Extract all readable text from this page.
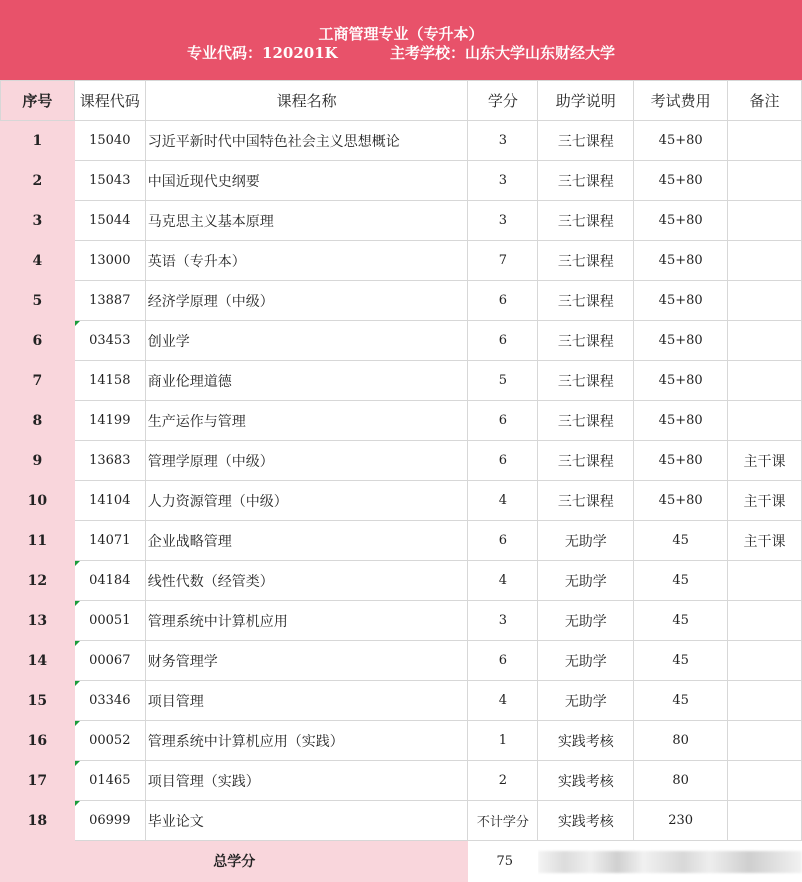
工商管理专业（专升本）
专业代码：120201K	主考学校：山东大学山东财经大学
序号	课程代码	课程名称	学分	助学说明	考试费用	备注
1	15040	习近平新时代中国特色社会主义思想概论	3	三七课程	45+80	
2	15043	中国近现代史纲要	3	三七课程	45+80	
3	15044	马克思主义基本原理	3	三七课程	45+80	
4	13000	英语（专升本）	7	三七课程	45+80	
5	13887	经济学原理（中级）	6	三七课程	45+80	
6	03453	创业学	6	三七课程	45+80	
7	14158	商业伦理道德	5	三七课程	45+80	
8	14199	生产运作与管理	6	三七课程	45+80	
9	13683	管理学原理（中级）	6	三七课程	45+80	主干课
10	14104	人力资源管理（中级）	4	三七课程	45+80	主干课
11	14071	企业战略管理	6	无助学	45	主干课
12	04184	线性代数（经管类）	4	无助学	45	
13	00051	管理系统中计算机应用	3	无助学	45	
14	00067	财务管理学	6	无助学	45	
15	03346	项目管理	4	无助学	45	
16	00052	管理系统中计算机应用（实践）	1	实践考核	80	
17	01465	项目管理（实践）	2	实践考核	80	
18	06999	毕业论文	不计学分	实践考核	230	
总学分			75			
